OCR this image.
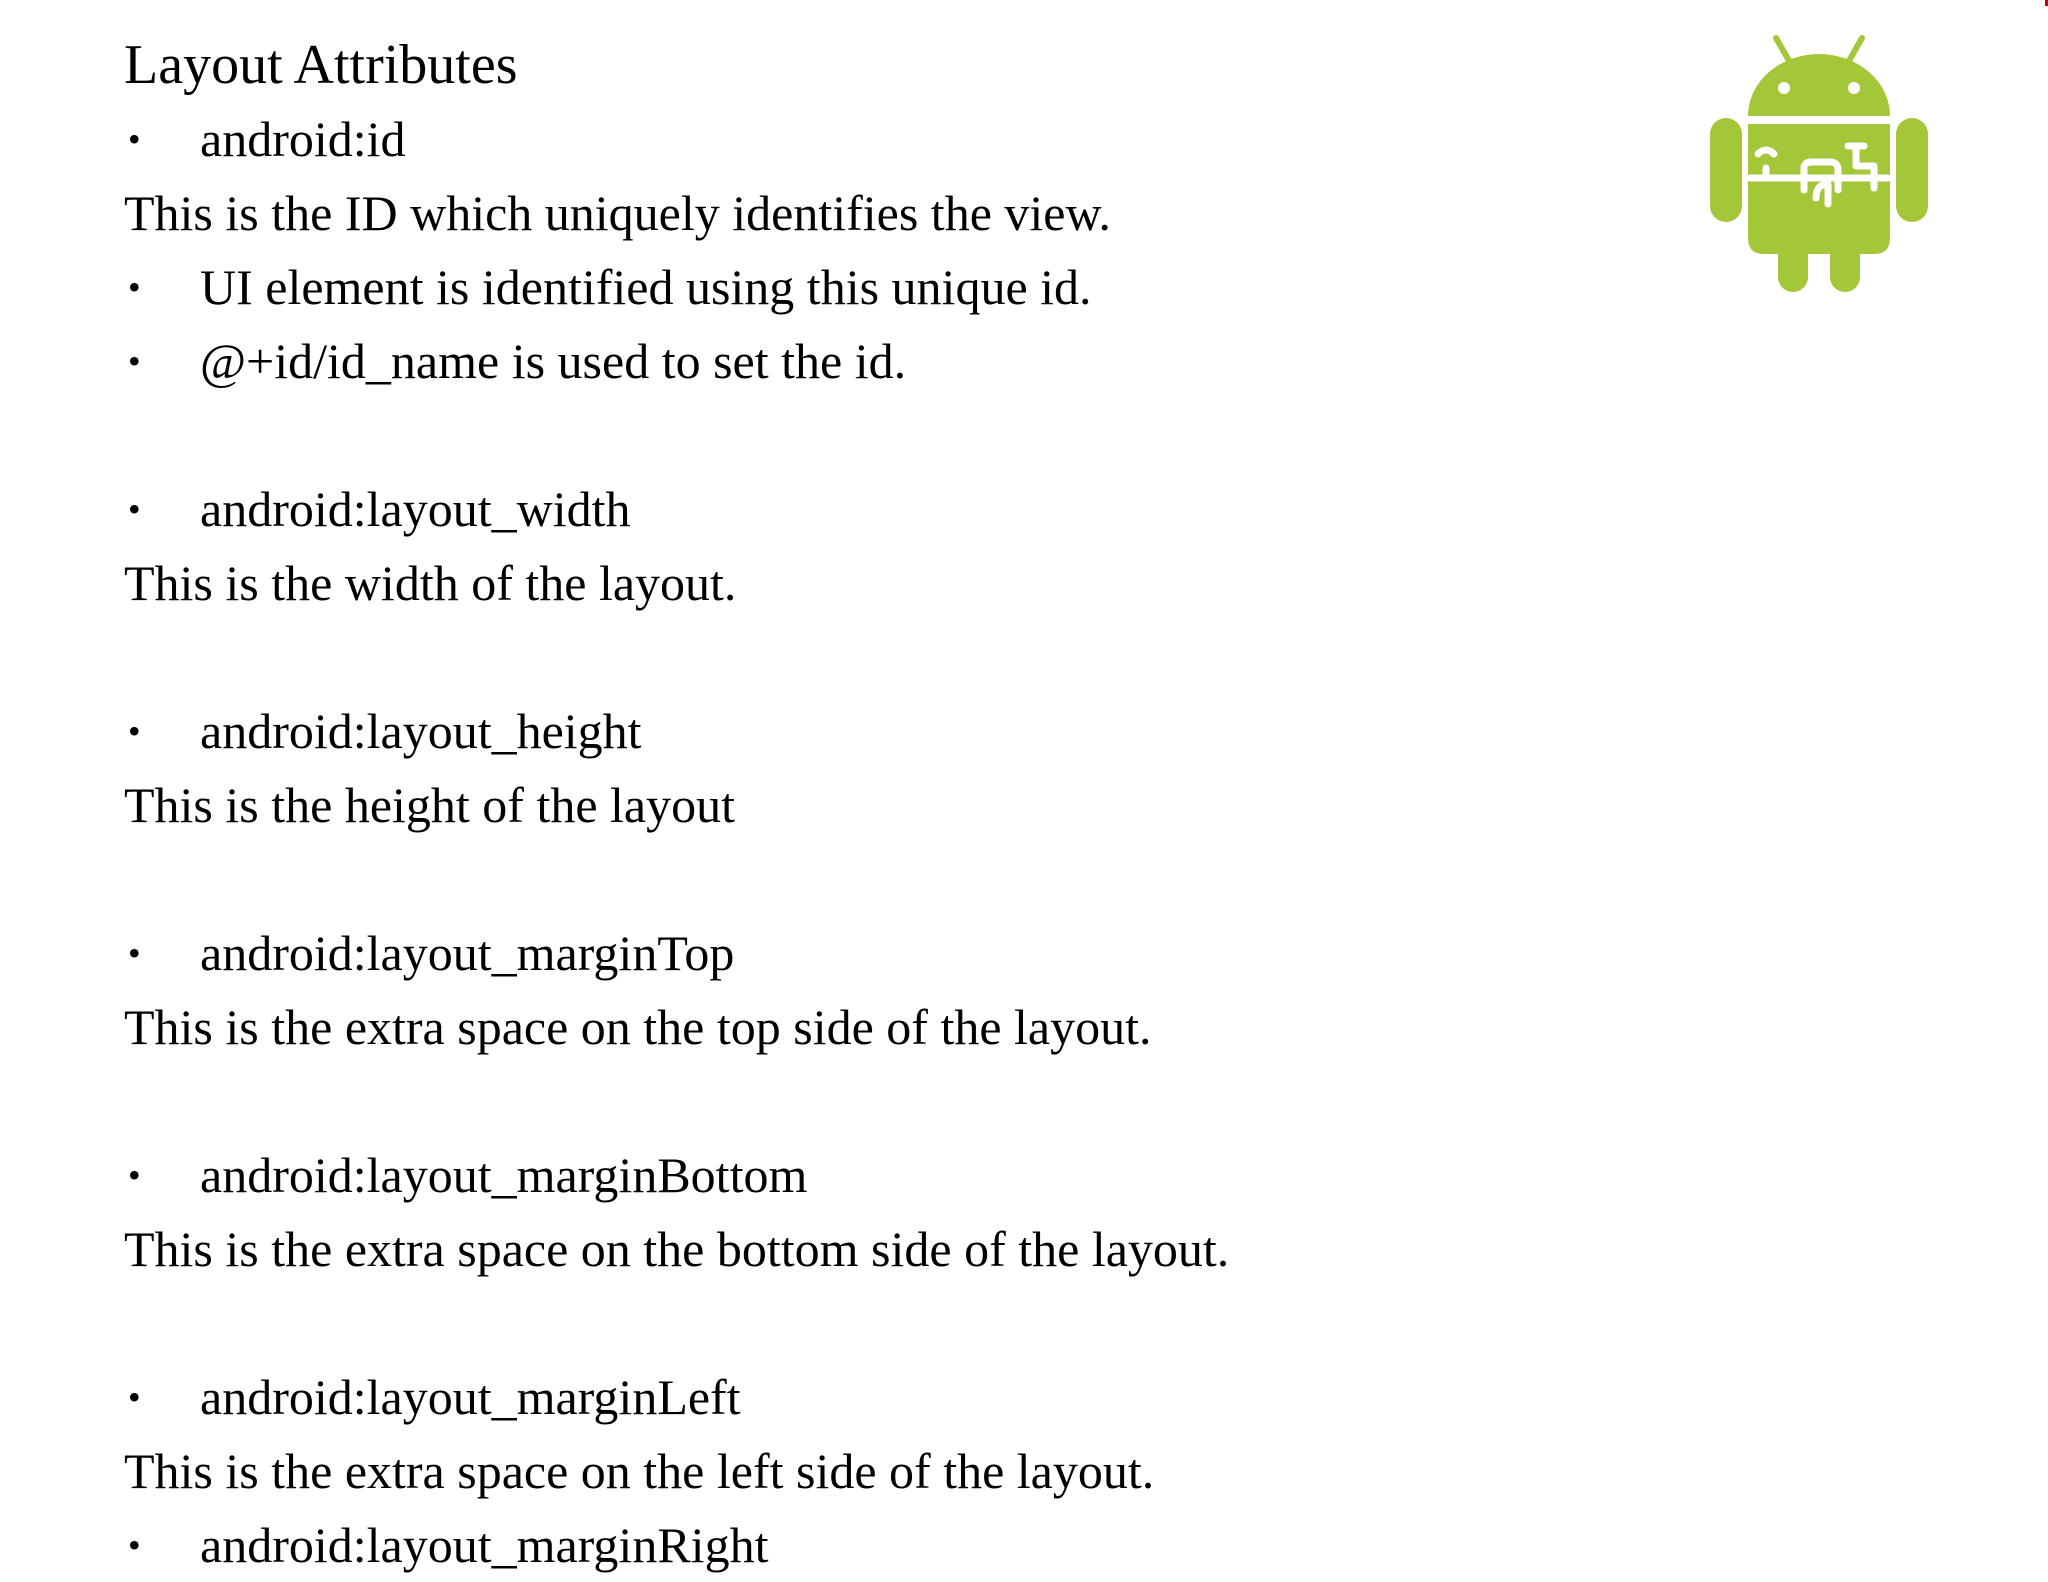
Layout Attributes
• android:id
This is the ID which uniquely identifies the view.
• UI element is identified using this unique id.
• @+id/id_name is used to set the id.
• android:layout_width
This is the width of the layout.
• android:layout_height
This is the height of the layout
• android:layout_marginTop
This is the extra space on the top side of the layout.
• android:layout_marginBottom
This is the extra space on the bottom side of the layout.
• android:layout_marginLeft
This is the extra space on the left side of the layout.
• android:layout_marginRight
